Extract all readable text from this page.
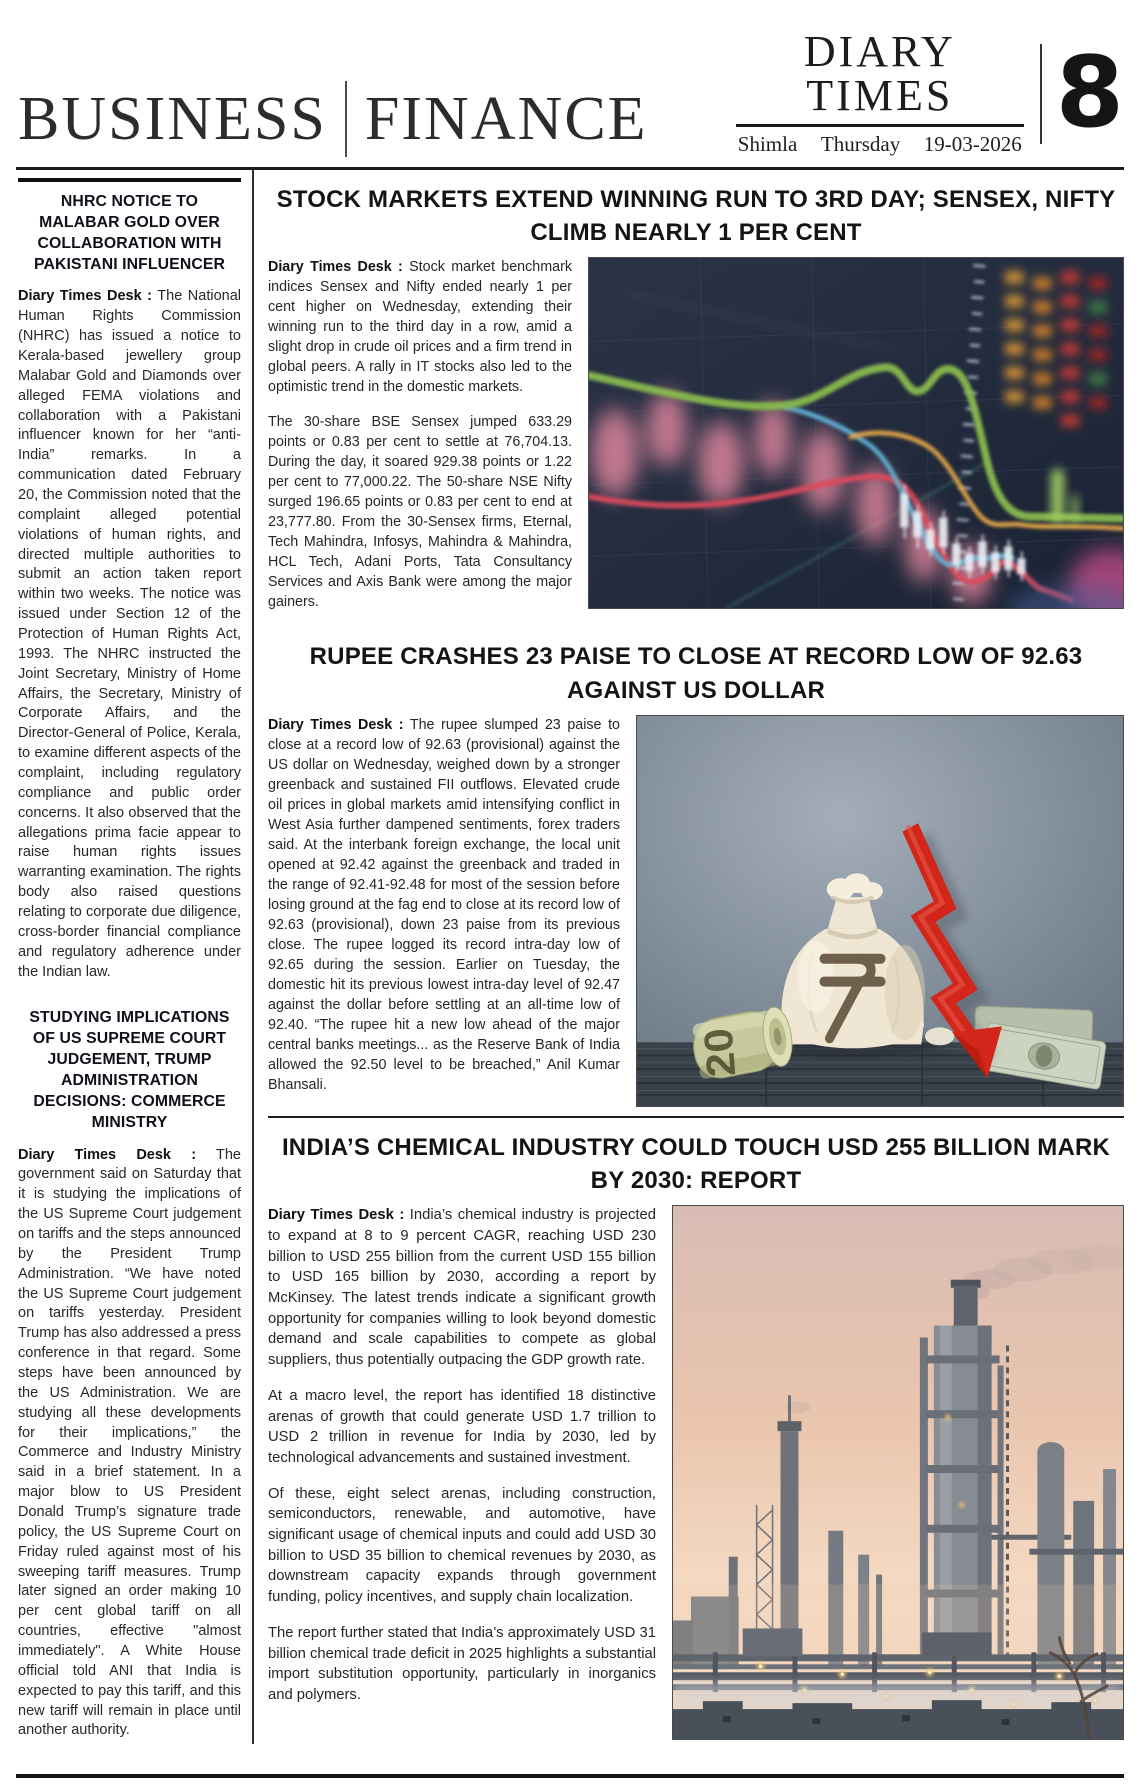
BUSINESS FINANCE
DIARY TIMES
Shimla Thursday 19-03-2026 8
NHRC NOTICE TO MALABAR GOLD OVER COLLABORATION WITH PAKISTANI INFLUENCER

Diary Times Desk : The National Human Rights Commission (NHRC) has issued a notice to Kerala-based jewellery group Malabar Gold and Diamonds over alleged FEMA violations and collaboration with a Pakistani influencer known for her “anti-India” remarks. In a communication dated February 20, the Commission noted that the complaint alleged potential violations of human rights, and directed multiple authorities to submit an action taken report within two weeks. The notice was issued under Section 12 of the Protection of Human Rights Act, 1993. The NHRC instructed the Joint Secretary, Ministry of Home Affairs, the Secretary, Ministry of Corporate Affairs, and the Director-General of Police, Kerala, to examine different aspects of the complaint, including regulatory compliance and public order concerns. It also observed that the allegations prima facie appear to raise human rights issues warranting examination. The rights body also raised questions relating to corporate due diligence, cross-border financial compliance and regulatory adherence under the Indian law.

STUDYING IMPLICATIONS OF US SUPREME COURT JUDGEMENT, TRUMP ADMINISTRATION DECISIONS: COMMERCE MINISTRY

Diary Times Desk : The government said on Saturday that it is studying the implications of the US Supreme Court judgement on tariffs and the steps announced by the President Trump Administration. “We have noted the US Supreme Court judgement on tariffs yesterday. President Trump has also addressed a press conference in that regard. Some steps have been announced by the US Administration. We are studying all these developments for their implications,” the Commerce and Industry Ministry said in a brief statement. In a major blow to US President Donald Trump’s signature trade policy, the US Supreme Court on Friday ruled against most of his sweeping tariff measures. Trump later signed an order making 10 per cent global tariff on all countries, effective "almost immediately". A White House official told ANI that India is expected to pay this tariff, and this new tariff will remain in place until another authority.

STOCK MARKETS EXTEND WINNING RUN TO 3RD DAY; SENSEX, NIFTY CLIMB NEARLY 1 PER CENT

Diary Times Desk : Stock market benchmark indices Sensex and Nifty ended nearly 1 per cent higher on Wednesday, extending their winning run to the third day in a row, amid a slight drop in crude oil prices and a firm trend in global peers. A rally in IT stocks also led to the optimistic trend in the domestic markets.

The 30-share BSE Sensex jumped 633.29 points or 0.83 per cent to settle at 76,704.13. During the day, it soared 929.38 points or 1.22 per cent to 77,000.22. The 50-share NSE Nifty surged 196.65 points or 0.83 per cent to end at 23,777.80. From the 30-Sensex firms, Eternal, Tech Mahindra, Infosys, Mahindra & Mahindra, HCL Tech, Adani Ports, Tata Consultancy Services and Axis Bank were among the major gainers.

RUPEE CRASHES 23 PAISE TO CLOSE AT RECORD LOW OF 92.63 AGAINST US DOLLAR

Diary Times Desk : The rupee slumped 23 paise to close at a record low of 92.63 (provisional) against the US dollar on Wednesday, weighed down by a stronger greenback and sustained FII outflows. Elevated crude oil prices in global markets amid intensifying conflict in West Asia further dampened sentiments, forex traders said. At the interbank foreign exchange, the local unit opened at 92.42 against the greenback and traded in the range of 92.41-92.48 for most of the session before losing ground at the fag end to close at its record low of 92.63 (provisional), down 23 paise from its previous close. The rupee logged its record intra-day low of 92.65 during the session. Earlier on Tuesday, the domestic hit its previous lowest intra-day level of 92.47 against the dollar before settling at an all-time low of 92.40. “The rupee hit a new low ahead of the major central banks meetings... as the Reserve Bank of India allowed the 92.50 level to be breached,” Anil Kumar Bhansali.

20
INDIA’S CHEMICAL INDUSTRY COULD TOUCH USD 255 BILLION MARK BY 2030: REPORT

Diary Times Desk : India’s chemical industry is projected to expand at 8 to 9 percent CAGR, reaching USD 230 billion to USD 255 billion from the current USD 155 billion to USD 165 billion by 2030, according a report by McKinsey. The latest trends indicate a significant growth opportunity for companies willing to look beyond domestic demand and scale capabilities to compete as global suppliers, thus potentially outpacing the GDP growth rate.

At a macro level, the report has identified 18 distinctive arenas of growth that could generate USD 1.7 trillion to USD 2 trillion in revenue for India by 2030, led by technological advancements and sustained investment.

Of these, eight select arenas, including construction, semiconductors, renewable, and automotive, have significant usage of chemical inputs and could add USD 30 billion to USD 35 billion to chemical revenues by 2030, as downstream capacity expands through government funding, policy incentives, and supply chain localization.

The report further stated that India’s approximately USD 31 billion chemical trade deficit in 2025 highlights a substantial import substitution opportunity, particularly in inorganics and polymers.
